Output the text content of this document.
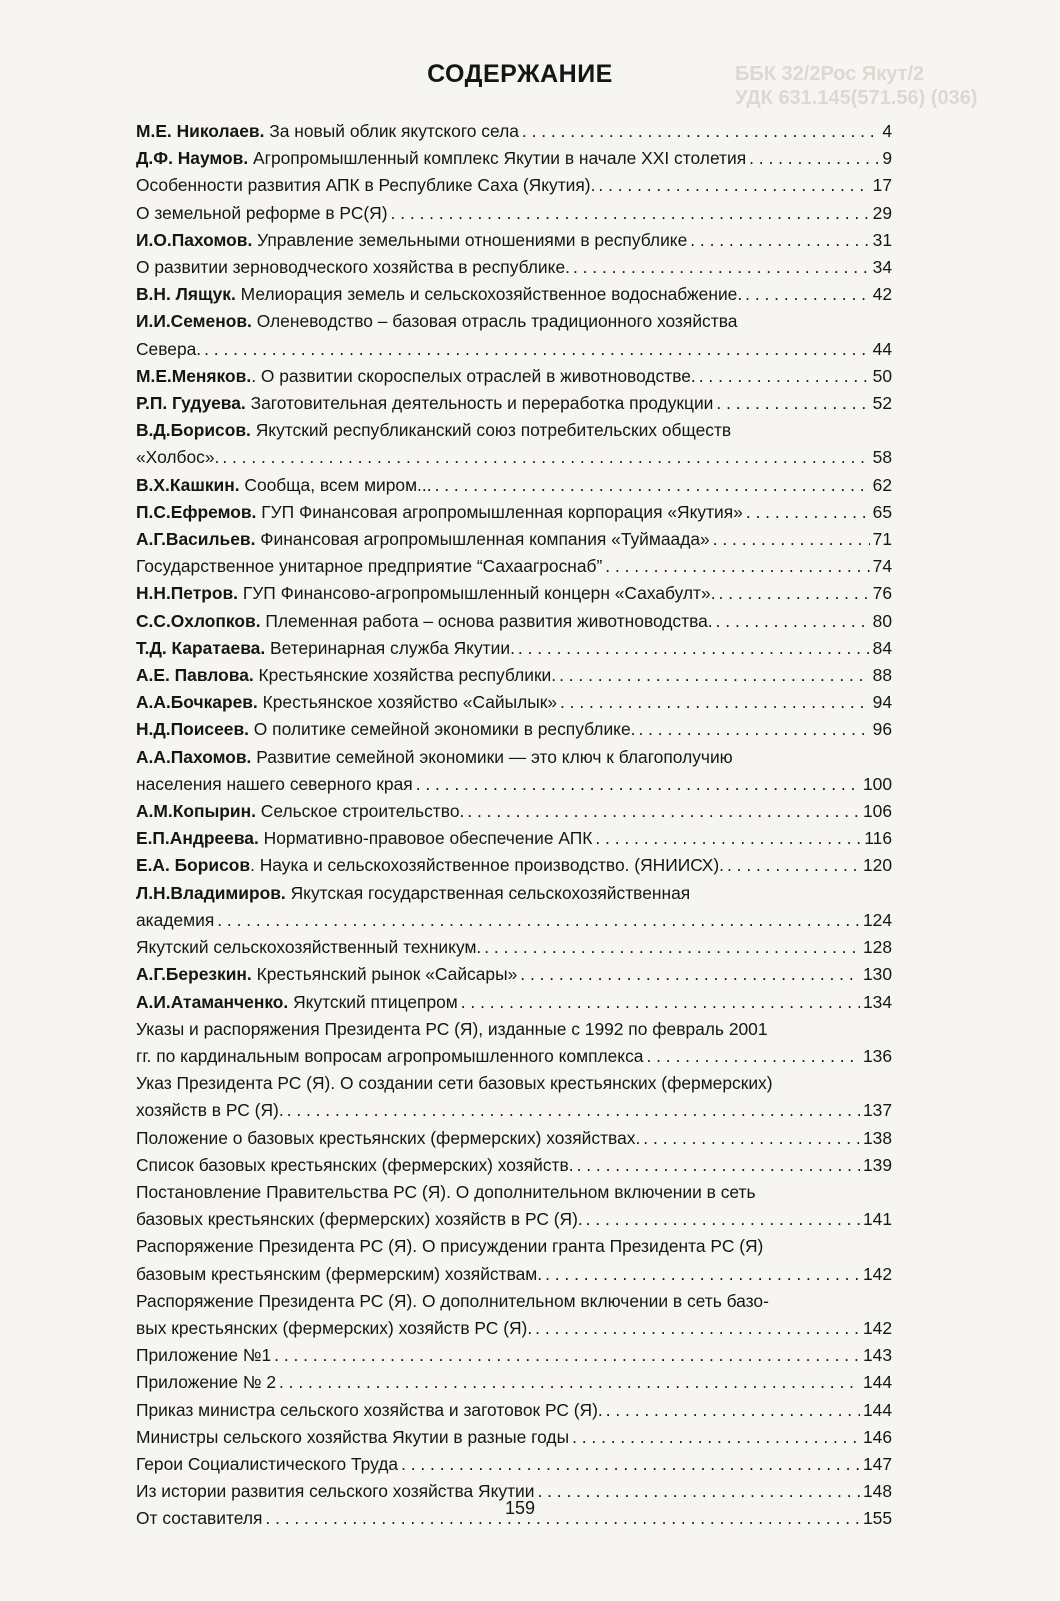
ББК 32/2Рос Якут/2
УДК 631.145(571.56) (036)
СОДЕРЖАНИЕ
М.Е. Николаев. За новый облик якутского села . . .	4
Д.Ф. Наумов. Агропромышленный комплекс Якутии в начале XXI столетия . . .	9
Особенности развития АПК в Республике Саха (Якутия). . . .	17
О земельной реформе в РС(Я) . . .	29
И.О.Пахомов. Управление земельными отношениями в республике . . .	31
О развитии зерноводческого хозяйства в республике. . . .	34
В.Н. Лящук. Мелиорация земель и сельскохозяйственное водоснабжение. . . .	42
И.И.Семенов. Оленеводство – базовая отрасль традиционного хозяйства
Севера. . . .	44
М.Е.Меняков.. О развитии скороспелых отраслей в животноводстве. . . .	50
Р.П. Гудуева. Заготовительная деятельность и переработка продукции . . .	52
В.Д.Борисов. Якутский республиканский союз потребительских обществ
«Холбос». . . .	58
В.Х.Кашкин. Сообща, всем миром... . . .	62
П.С.Ефремов. ГУП Финансовая агропромышленная корпорация «Якутия» . . .	65
А.Г.Васильев. Финансовая агропромышленная компания «Туймаада» . . .	71
Государственное унитарное предприятие “Сахаагроснаб” . . .	74
Н.Н.Петров. ГУП Финансово-агропромышленный концерн «Сахабулт». . . .	76
С.С.Охлопков. Племенная работа – основа развития животноводства. . . .	80
Т.Д. Каратаева. Ветеринарная служба Якутии. . . .	84
А.Е. Павлова. Крестьянские хозяйства республики. . . .	88
А.А.Бочкарев. Крестьянское хозяйство «Сайылык» . . .	94
Н.Д.Поисеев. О политике семейной экономики в республике. . . .	96
А.А.Пахомов. Развитие семейной экономики — это ключ к благополучию
населения нашего северного края . . .	100
А.М.Копырин. Сельское строительство. . . .	106
Е.П.Андреева. Нормативно-правовое обеспечение АПК . . .	116
Е.А. Борисов. Наука и сельскохозяйственное производство. (ЯНИИСХ). . . .	120
Л.Н.Владимиров. Якутская государственная сельскохозяйственная
академия . . .	124
Якутский сельскохозяйственный техникум. . . .	128
А.Г.Березкин. Крестьянский рынок «Сайсары» . . .	130
А.И.Атаманченко. Якутский птицепром . . .	134
Указы и распоряжения Президента РС (Я), изданные с 1992 по февраль 2001
гг. по кардинальным вопросам агропромышленного комплекса . . .	136
Указ Президента РС (Я). О создании сети базовых крестьянских (фермерских)
хозяйств в РС (Я). . . .	137
Положение о базовых крестьянских (фермерских) хозяйствах. . . .	138
Список базовых крестьянских (фермерских) хозяйств. . . .	139
Постановление Правительства РС (Я). О дополнительном включении в сеть
базовых крестьянских (фермерских) хозяйств в РС (Я). . . .	141
Распоряжение Президента РС (Я). О присуждении гранта Президента РС (Я)
базовым крестьянским (фермерским) хозяйствам. . . .	142
Распоряжение Президента РС (Я). О дополнительном включении в сеть базо-
вых крестьянских (фермерских) хозяйств РС (Я). . . .	142
Приложение №1 . . .	143
Приложение № 2 . . .	144
Приказ министра сельского хозяйства и заготовок РС (Я). . . .	144
Министры сельского хозяйства Якутии в разные годы . . .	146
Герои Социалистического Труда . . .	147
Из истории развития сельского хозяйства Якутии . . .	148
От составителя . . .	155
159
